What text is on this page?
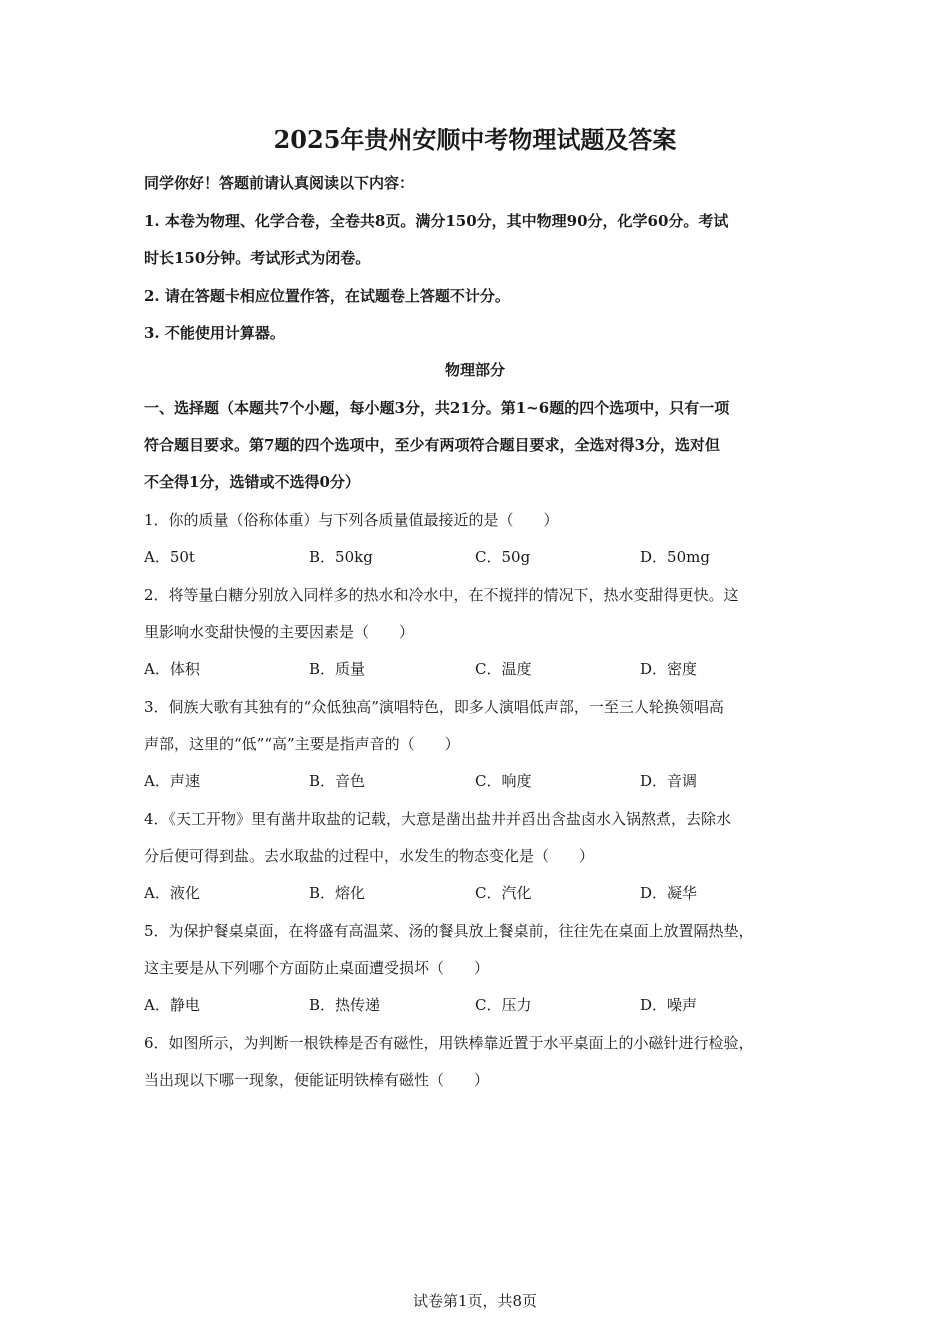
2025年贵州安顺中考物理试题及答案
同学你好！答题前请认真阅读以下内容：
1. 本卷为物理、化学合卷，全卷共8页。满分150分，其中物理90分，化学60分。考试
时长150分钟。考试形式为闭卷。
2. 请在答题卡相应位置作答，在试题卷上答题不计分。
3. 不能使用计算器。
物理部分
一、选择题（本题共7个小题，每小题3分，共21分。第1~6题的四个选项中，只有一项
符合题目要求。第7题的四个选项中，至少有两项符合题目要求，全选对得3分，选对但
不全得1分，选错或不选得0分）
1．你的质量（俗称体重）与下列各质量值最接近的是（　　）
A．50t	B．50kg	C．50g	D．50mg
2．将等量白糖分别放入同样多的热水和冷水中，在不搅拌的情况下，热水变甜得更快。这
里影响水变甜快慢的主要因素是（　　）
A．体积	B．质量	C．温度	D．密度
3．侗族大歌有其独有的“众低独高”演唱特色，即多人演唱低声部，一至三人轮换领唱高
声部，这里的“低”“高”主要是指声音的（　　）
A．声速	B．音色	C．响度	D．音调
4．《天工开物》里有凿井取盐的记载，大意是凿出盐井并舀出含盐卤水入锅熬煮，去除水
分后便可得到盐。去水取盐的过程中，水发生的物态变化是（　　）
A．液化	B．熔化	C．汽化	D．凝华
5．为保护餐桌桌面，在将盛有高温菜、汤的餐具放上餐桌前，往往先在桌面上放置隔热垫，
这主要是从下列哪个方面防止桌面遭受损坏（　　）
A．静电	B．热传递	C．压力	D．噪声
6．如图所示，为判断一根铁棒是否有磁性，用铁棒靠近置于水平桌面上的小磁针进行检验，
当出现以下哪一现象，便能证明铁棒有磁性（　　）
试卷第1页，共8页
